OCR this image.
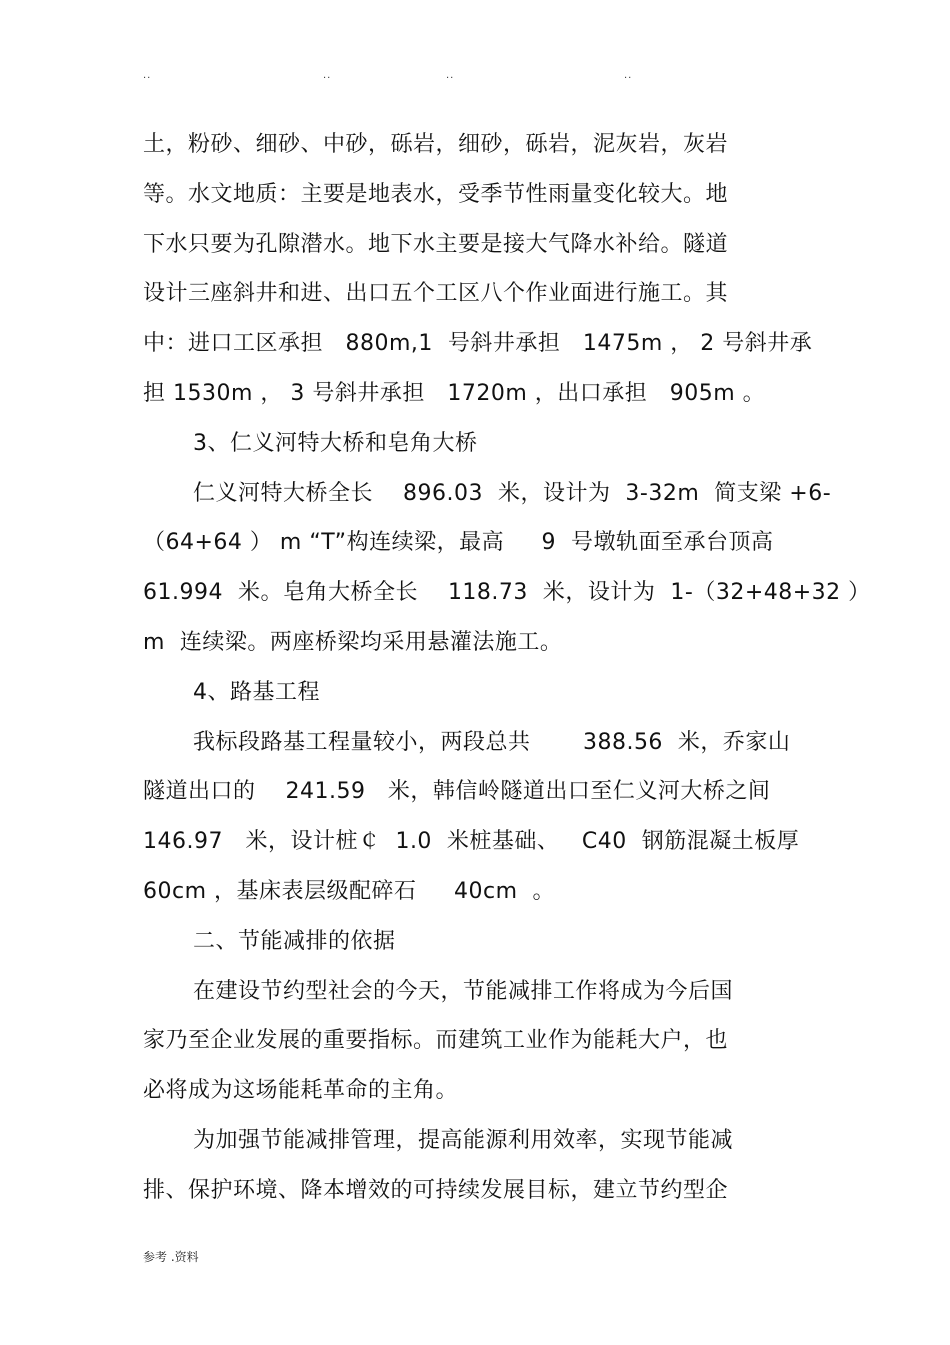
..	..	..	..
土，粉砂、细砂、中砂，砾岩，细砂，砾岩，泥灰岩，灰岩
等。水文地质：主要是地表水，受季节性雨量变化较大。地
下水只要为孔隙潜水。地下水主要是接大气降水补给。隧道
设计三座斜井和进、出口五个工区八个作业面进行施工。其
中：进口工区承担   880m,1  号斜井承担   1475m ， 2 号斜井承
担 1530m ， 3 号斜井承担   1720m ，出口承担   905m 。
3、仁义河特大桥和皂角大桥
仁义河特大桥全长    896.03  米，设计为  3-32m  简支梁 +6-
（64+64 ） m “T”构连续梁，最高     9  号墩轨面至承台顶高
61.994  米。皂角大桥全长    118.73  米，设计为  1-（32+48+32 ）
m  连续梁。两座桥梁均采用悬灌法施工。
4、路基工程
我标段路基工程量较小，两段总共       388.56  米，乔家山
隧道出口的    241.59   米，韩信岭隧道出口至仁义河大桥之间
146.97   米，设计桩￠  1.0  米桩基础、   C40  钢筋混凝土板厚
60cm ，基床表层级配碎石     40cm  。
二、节能减排的依据
在建设节约型社会的今天，节能减排工作将成为今后国
家乃至企业发展的重要指标。而建筑工业作为能耗大户，也
必将成为这场能耗革命的主角。
为加强节能减排管理，提高能源利用效率，实现节能减
排、保护环境、降本增效的可持续发展目标，建立节约型企
参考 .资料
